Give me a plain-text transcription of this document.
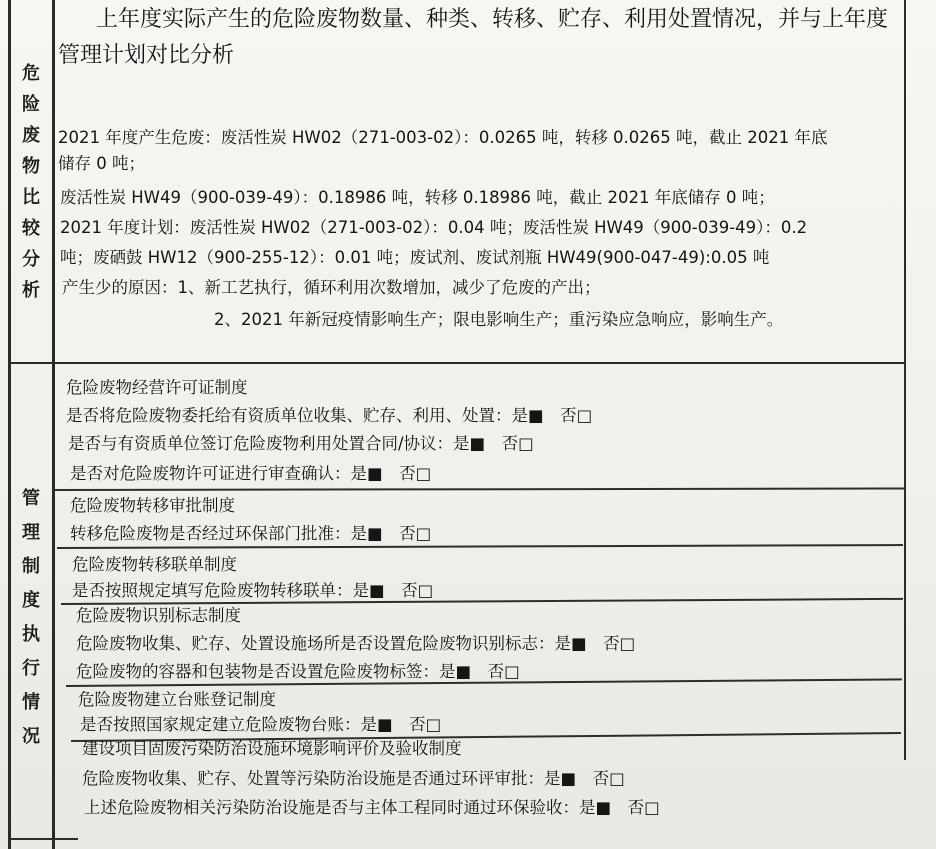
危
险
废
物
比
较
分
析
管
理
制
度
执
行
情
况
上年度实际产生的危险废物数量、种类、转移、贮存、利用处置情况，并与上年度
管理计划对比分析
2021 年度产生危废：废活性炭 HW02（271-003-02）：0.0265 吨，转移 0.0265 吨，截止 2021 年底
储存 0 吨；
废活性炭 HW49（900-039-49）：0.18986 吨，转移 0.18986 吨，截止 2021 年底储存 0 吨；
2021 年度计划：废活性炭 HW02（271-003-02）：0.04 吨；废活性炭 HW49（900-039-49）：0.2
吨；废硒鼓 HW12（900-255-12）：0.01 吨；废试剂、废试剂瓶 HW49(900-047-49):0.05 吨
产生少的原因：1、新工艺执行，循环利用次数增加，减少了危废的产出；
2、2021 年新冠疫情影响生产；限电影响生产；重污染应急响应，影响生产。
危险废物经营许可证制度
是否将危险废物委托给有资质单位收集、贮存、利用、处置：是■　否□
是否与有资质单位签订危险废物利用处置合同/协议：是■　否□
是否对危险废物许可证进行审查确认：是■　否□
危险废物转移审批制度
转移危险废物是否经过环保部门批准：是■　否□
危险废物转移联单制度
是否按照规定填写危险废物转移联单：是■　否□
危险废物识别标志制度
危险废物收集、贮存、处置设施场所是否设置危险废物识别标志：是■　否□
危险废物的容器和包装物是否设置危险废物标签：是■　否□
危险废物建立台账登记制度
是否按照国家规定建立危险废物台账：是■　否□
建设项目固废污染防治设施环境影响评价及验收制度
危险废物收集、贮存、处置等污染防治设施是否通过环评审批：是■　否□
上述危险废物相关污染防治设施是否与主体工程同时通过环保验收：是■　否□
